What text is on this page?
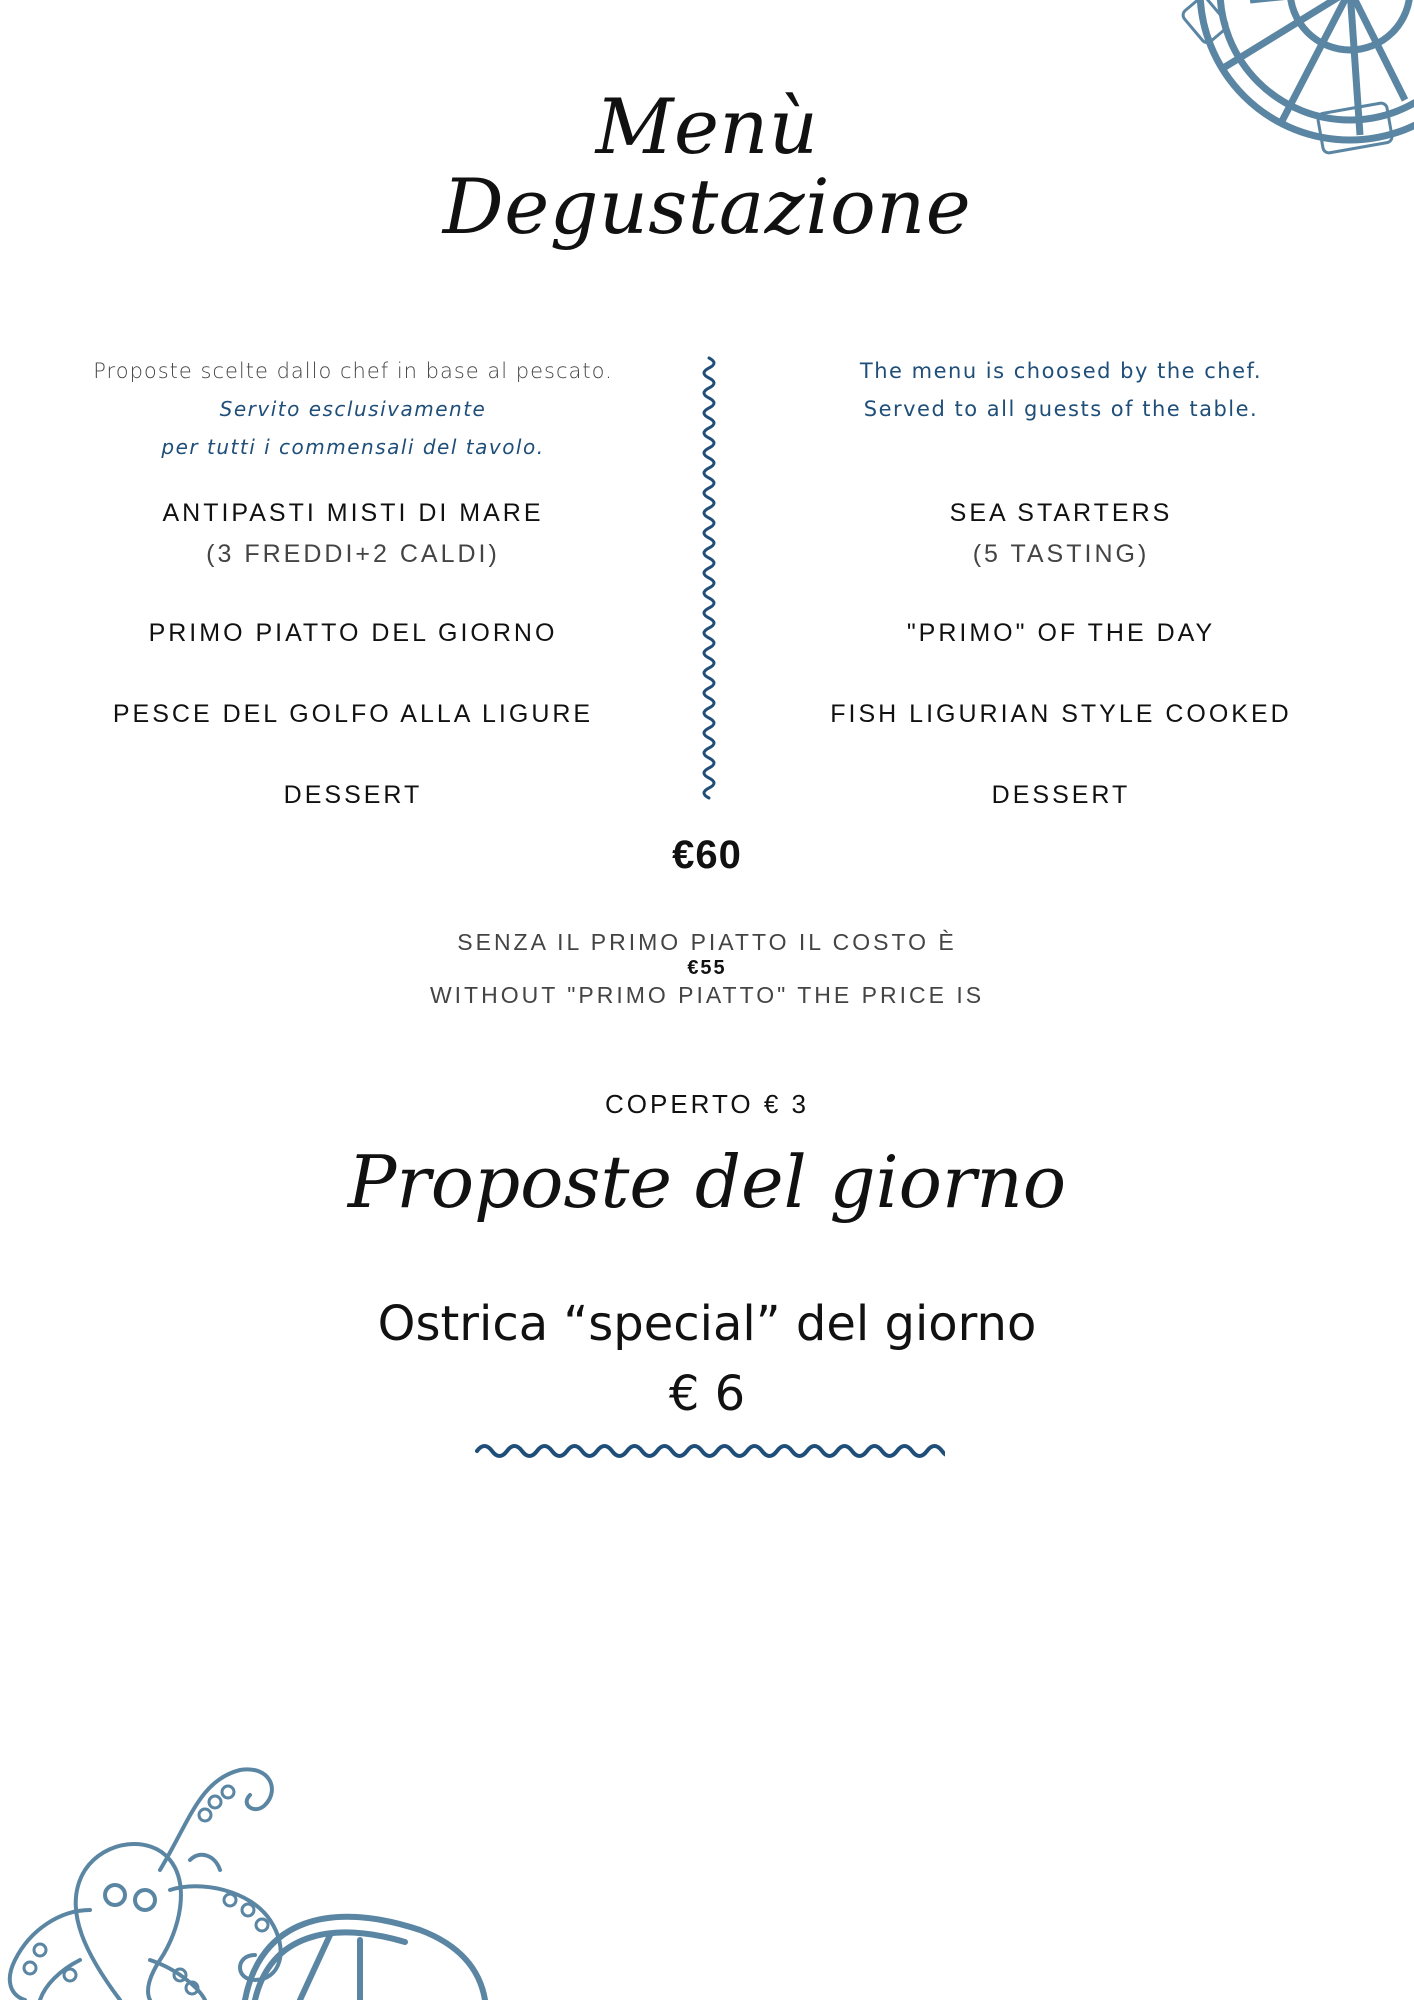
Menù
Degustazione
Proposte scelte dallo chef in base al pescato.
Servito esclusivamente
per tutti i commensali del tavolo.
ANTIPASTI MISTI DI MARE
(3 FREDDI+2 CALDI)
PRIMO PIATTO DEL GIORNO
PESCE DEL GOLFO ALLA LIGURE
DESSERT
The menu is choosed by the chef.
Served to all guests of the table.
SEA STARTERS
(5 TASTING)
"PRIMO" OF THE DAY
FISH LIGURIAN STYLE COOKED
DESSERT
€60
SENZA IL PRIMO PIATTO IL COSTO È
€55
WITHOUT "PRIMO PIATTO" THE PRICE IS
COPERTO € 3
Proposte del giorno
Ostrica “special” del giorno
€ 6
